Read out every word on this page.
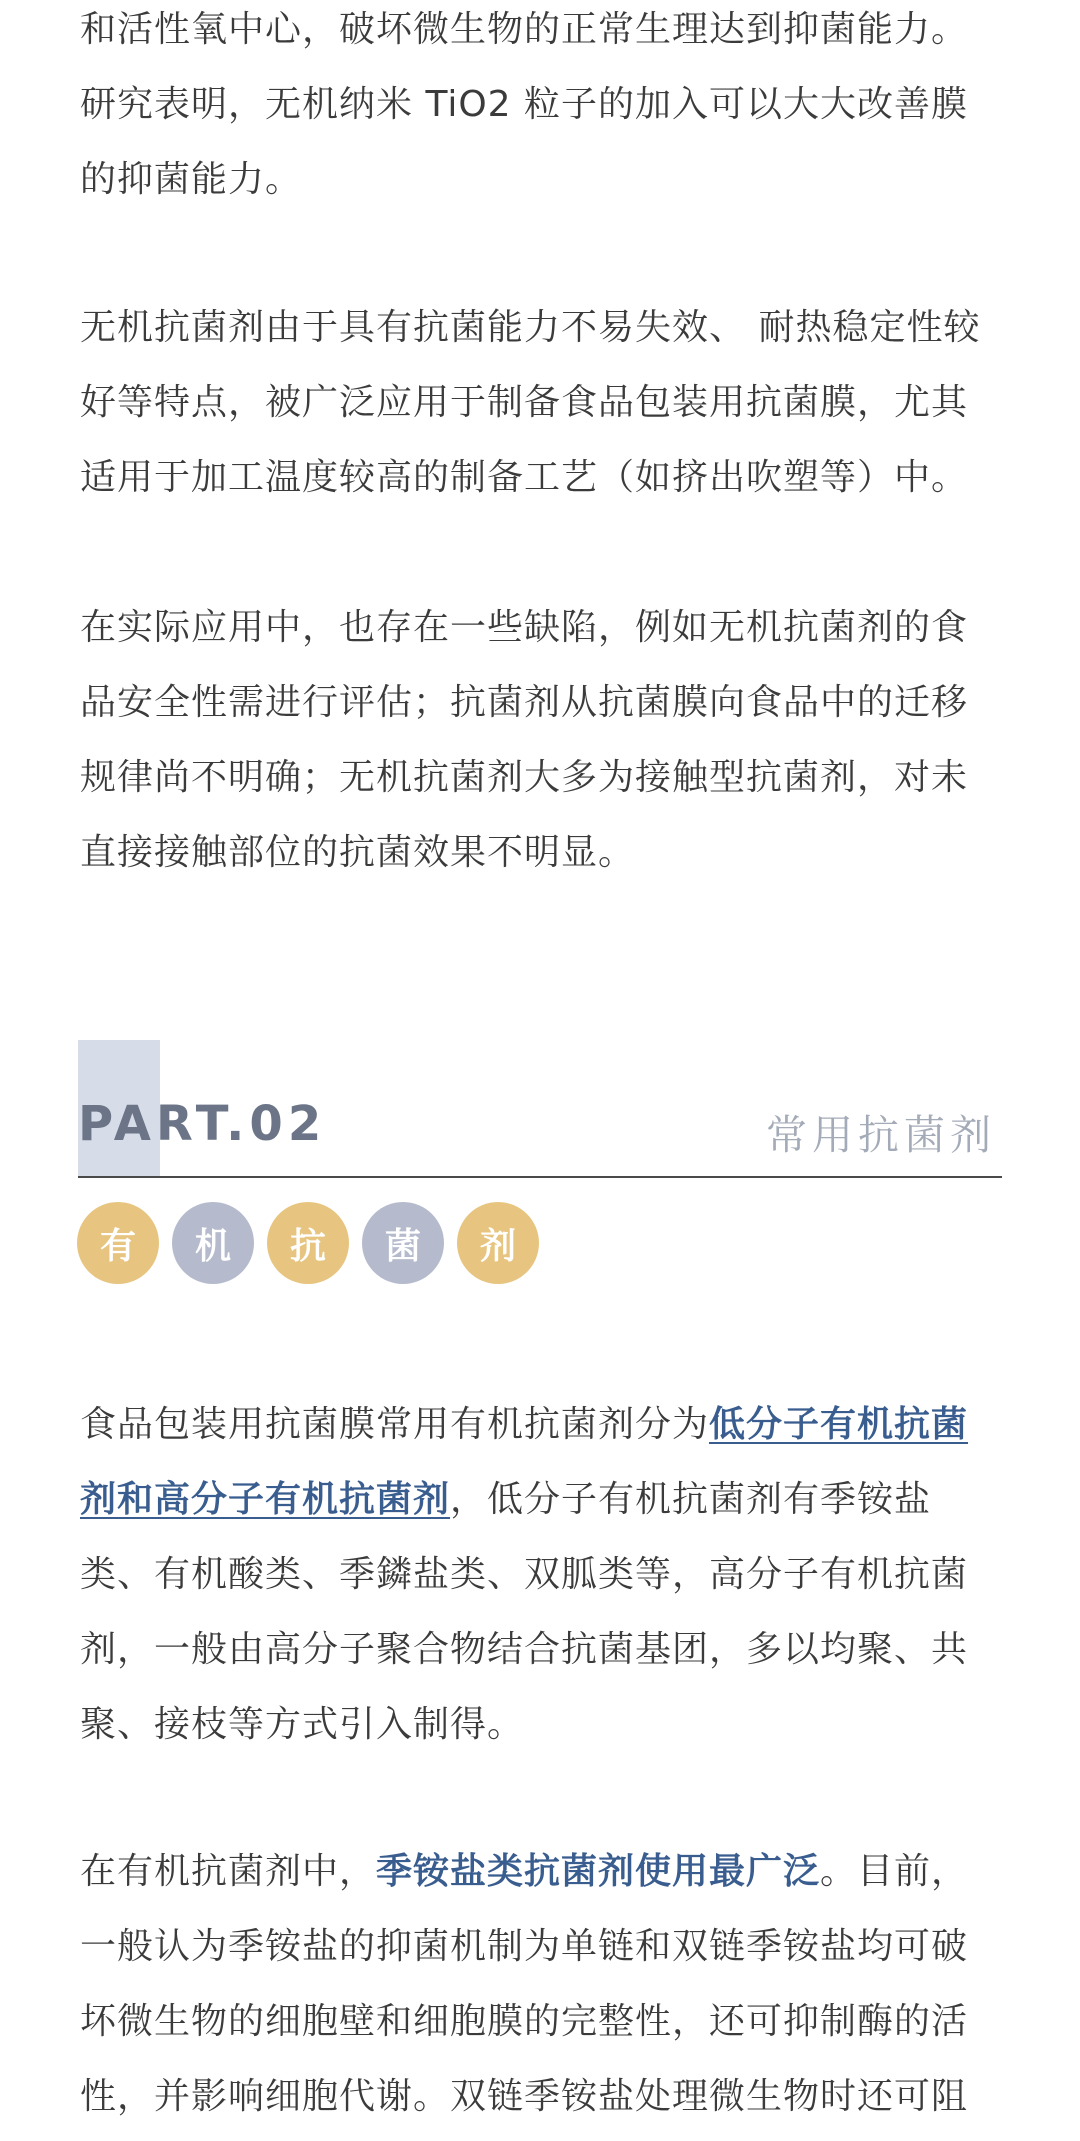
和活性氧中心，破坏微生物的正常生理达到抑菌能力。研究表明，无机纳米 TiO2 粒子的加入可以大大改善膜的抑菌能力。

无机抗菌剂由于具有抗菌能力不易失效、 耐热稳定性较好等特点，被广泛应用于制备食品包装用抗菌膜，尤其适用于加工温度较高的制备工艺（如挤出吹塑等）中。

在实际应用中，也存在一些缺陷，例如无机抗菌剂的食品安全性需进行评估；抗菌剂从抗菌膜向食品中的迁移规律尚不明确；无机抗菌剂大多为接触型抗菌剂，对未直接接触部位的抗菌效果不明显。

PART.02	常用抗菌剂
有	机	抗	菌	剂

食品包装用抗菌膜常用有机抗菌剂分为低分子有机抗菌剂和高分子有机抗菌剂，低分子有机抗菌剂有季铵盐类、有机酸类、季鏻盐类、双胍类等，高分子有机抗菌剂，一般由高分子聚合物结合抗菌基团，多以均聚、共聚、接枝等方式引入制得。

在有机抗菌剂中，季铵盐类抗菌剂使用最广泛。目前，一般认为季铵盐的抑菌机制为单链和双链季铵盐均可破坏微生物的细胞壁和细胞膜的完整性，还可抑制酶的活性，并影响细胞代谢。双链季铵盐处理微生物时还可阻
